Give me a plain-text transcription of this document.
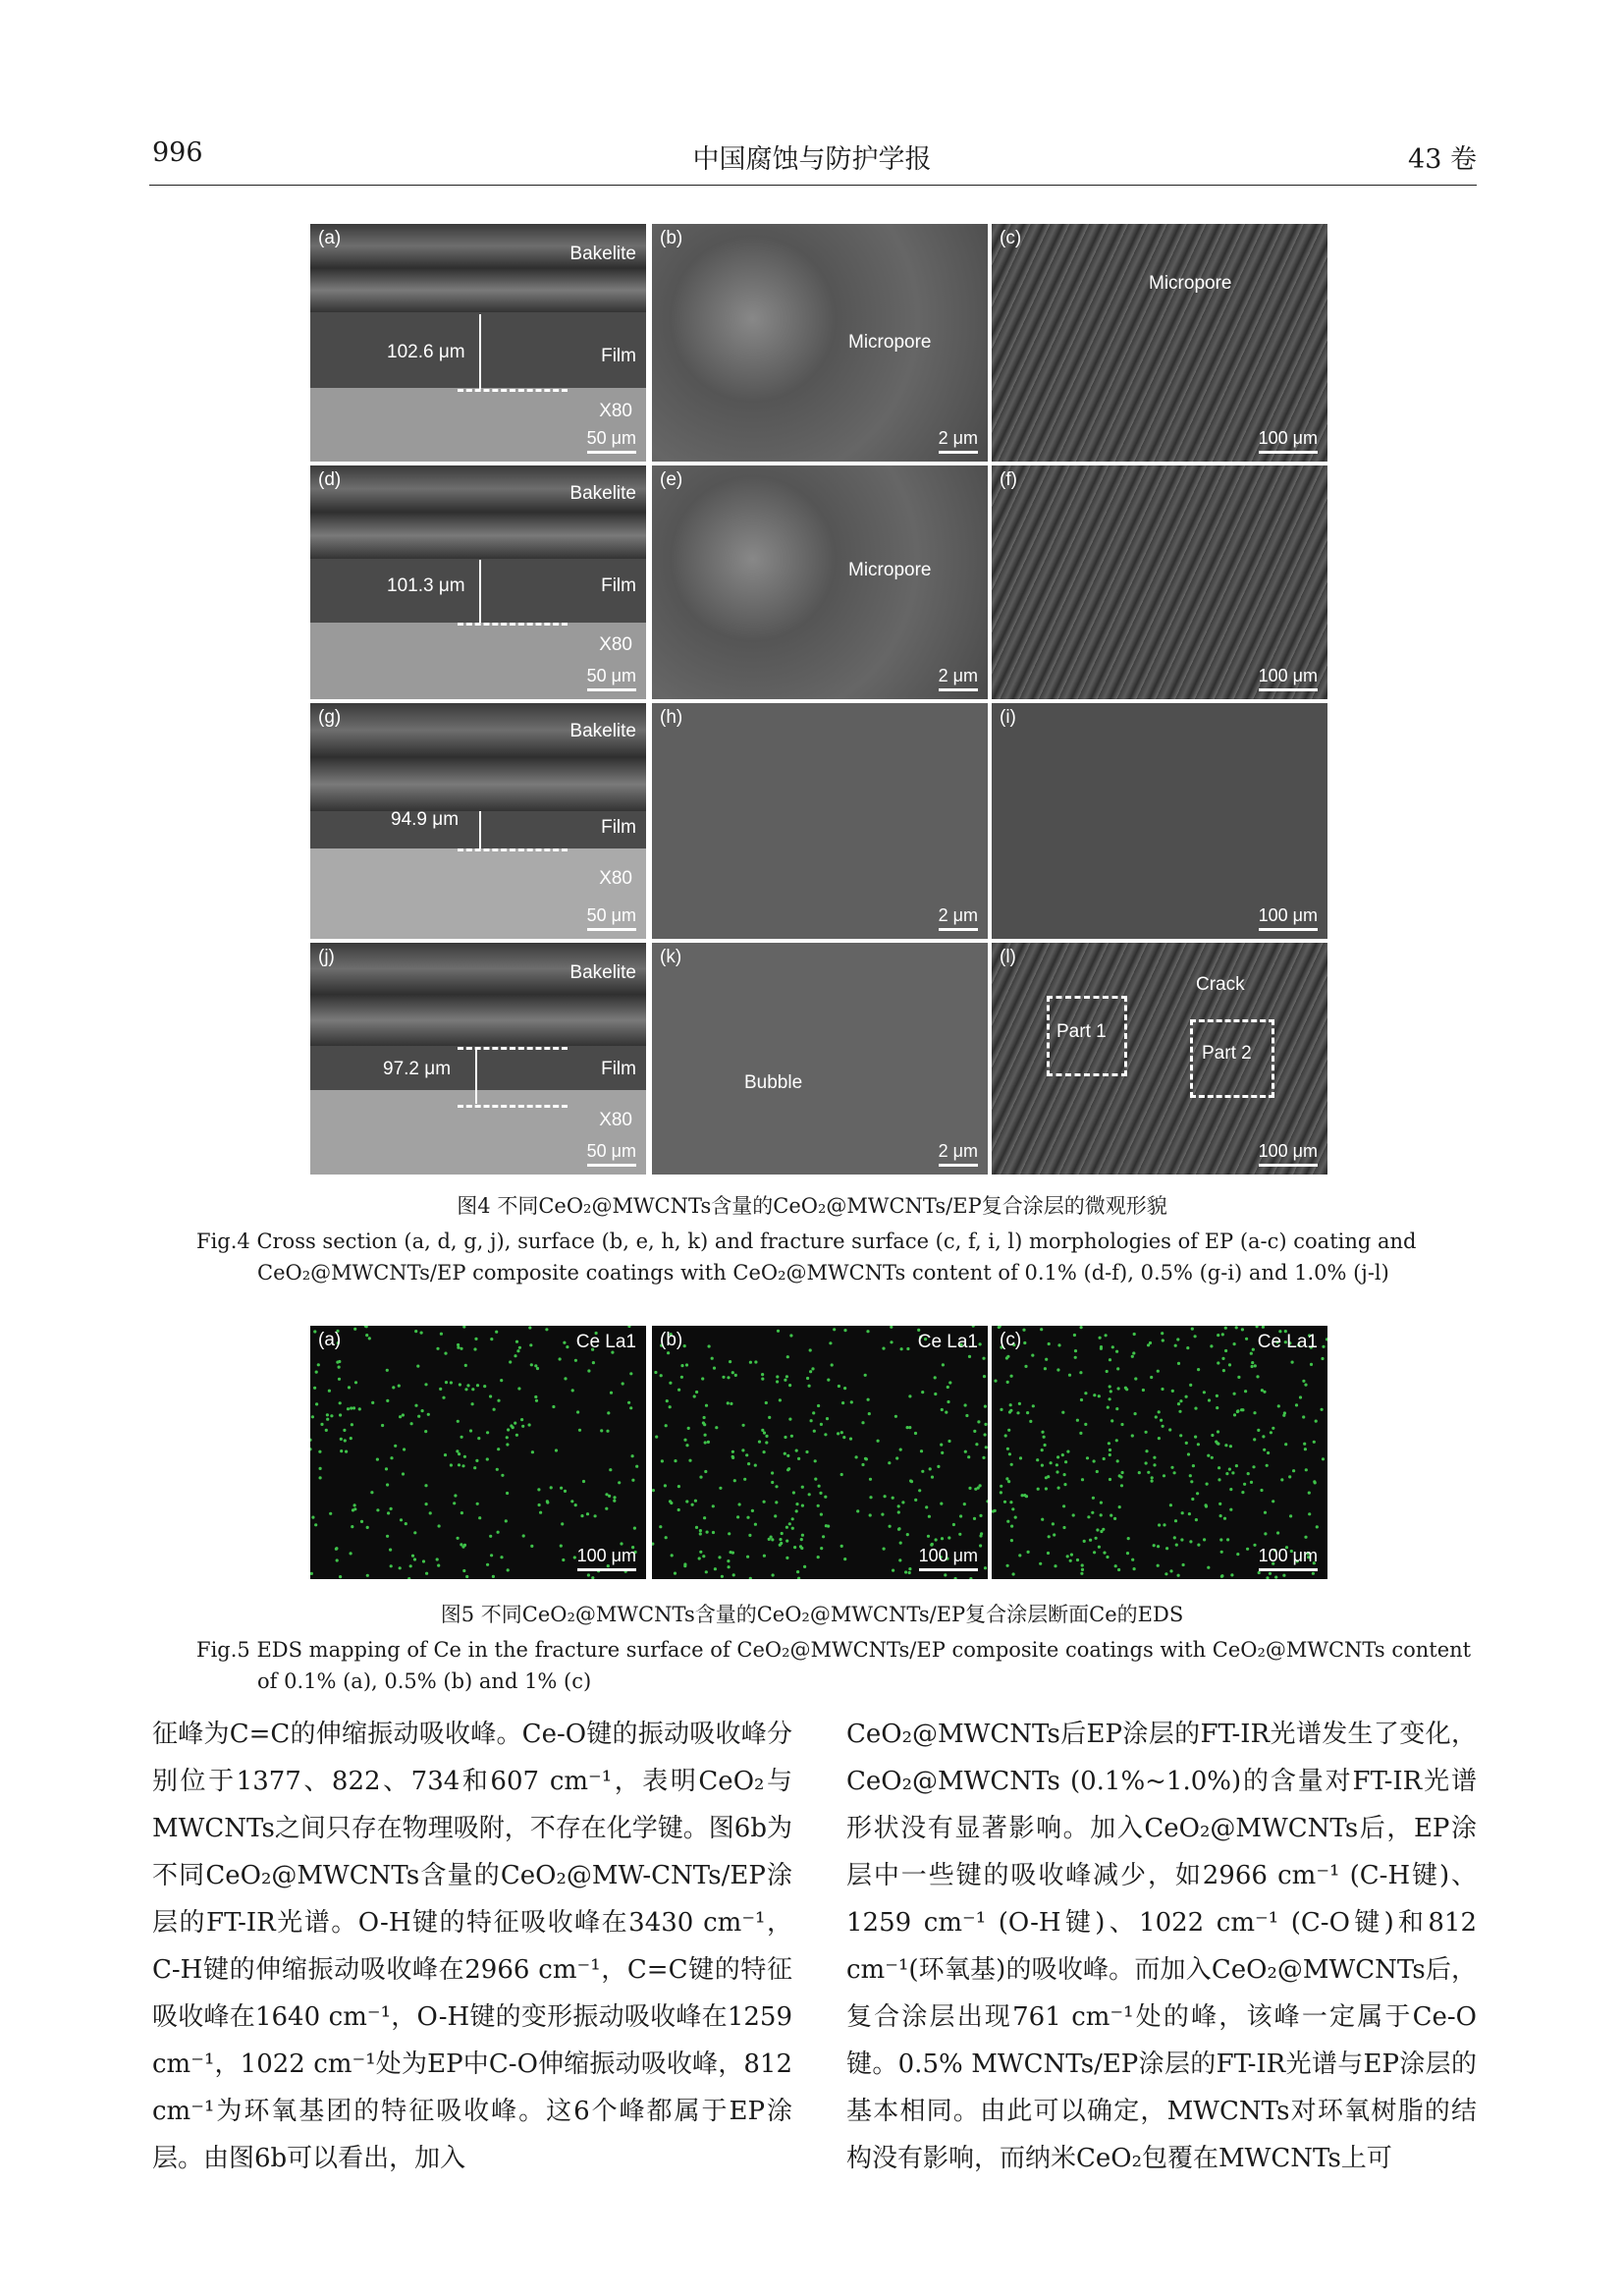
996	中国腐蚀与防护学报	43 卷
(a)
Bakelite
102.6 μm	Film
X80
50 μm
(b)
Micropore
2 μm
(c)
Micropore
100 μm
(d)
Bakelite
101.3 μm	Film
X80
50 μm
(e)
Micropore
2 μm
(f)
100 μm
(g)
Bakelite
94.9 μm	Film
X80
50 μm
(h)
2 μm
(i)
100 μm
(j)
Bakelite
97.2 μm	Film
X80
50 μm
(k)
Bubble
2 μm
(l)
Crack
Part 1
Part 2
100 μm
图4 不同CeO₂@MWCNTs含量的CeO₂@MWCNTs/EP复合涂层的微观形貌
Fig.4 Cross section (a, d, g, j), surface (b, e, h, k) and fracture surface (c, f, i, l) morphologies of EP (a-c) coating and
CeO₂@MWCNTs/EP composite coatings with CeO₂@MWCNTs content of 0.1% (d-f), 0.5% (g-i) and 1.0% (j-l)
(a)	Ce La1
100 μm
(b)	Ce La1
100 μm
(c)	Ce La1
100 μm
图5 不同CeO₂@MWCNTs含量的CeO₂@MWCNTs/EP复合涂层断面Ce的EDS
Fig.5 EDS mapping of Ce in the fracture surface of CeO₂@MWCNTs/EP composite coatings with CeO₂@MWCNTs content
of 0.1% (a), 0.5% (b) and 1% (c)

征峰为C=C的伸缩振动吸收峰。Ce-O键的振动吸收峰分别位于1377、822、734和607 cm⁻¹，表明CeO₂与MWCNTs之间只存在物理吸附，不存在化学键。图6b为不同CeO₂@MWCNTs含量的CeO₂@MW-CNTs/EP涂层的FT-IR光谱。O-H键的特征吸收峰在3430 cm⁻¹，C-H键的伸缩振动吸收峰在2966 cm⁻¹，C=C键的特征吸收峰在1640 cm⁻¹，O-H键的变形振动吸收峰在1259 cm⁻¹，1022 cm⁻¹处为EP中C-O伸缩振动吸收峰，812 cm⁻¹为环氧基团的特征吸收峰。这6个峰都属于EP涂层。由图6b可以看出，加入

CeO₂@MWCNTs后EP涂层的FT-IR光谱发生了变化，CeO₂@MWCNTs (0.1%~1.0%)的含量对FT-IR光谱形状没有显著影响。加入CeO₂@MWCNTs后，EP涂层中一些键的吸收峰减少，如2966 cm⁻¹ (C-H键)、1259 cm⁻¹ (O-H键)、1022 cm⁻¹ (C-O键)和812 cm⁻¹(环氧基)的吸收峰。而加入CeO₂@MWCNTs后，复合涂层出现761 cm⁻¹处的峰，该峰一定属于Ce-O键。0.5% MWCNTs/EP涂层的FT-IR光谱与EP涂层的基本相同。由此可以确定，MWCNTs对环氧树脂的结构没有影响，而纳米CeO₂包覆在MWCNTs上可
